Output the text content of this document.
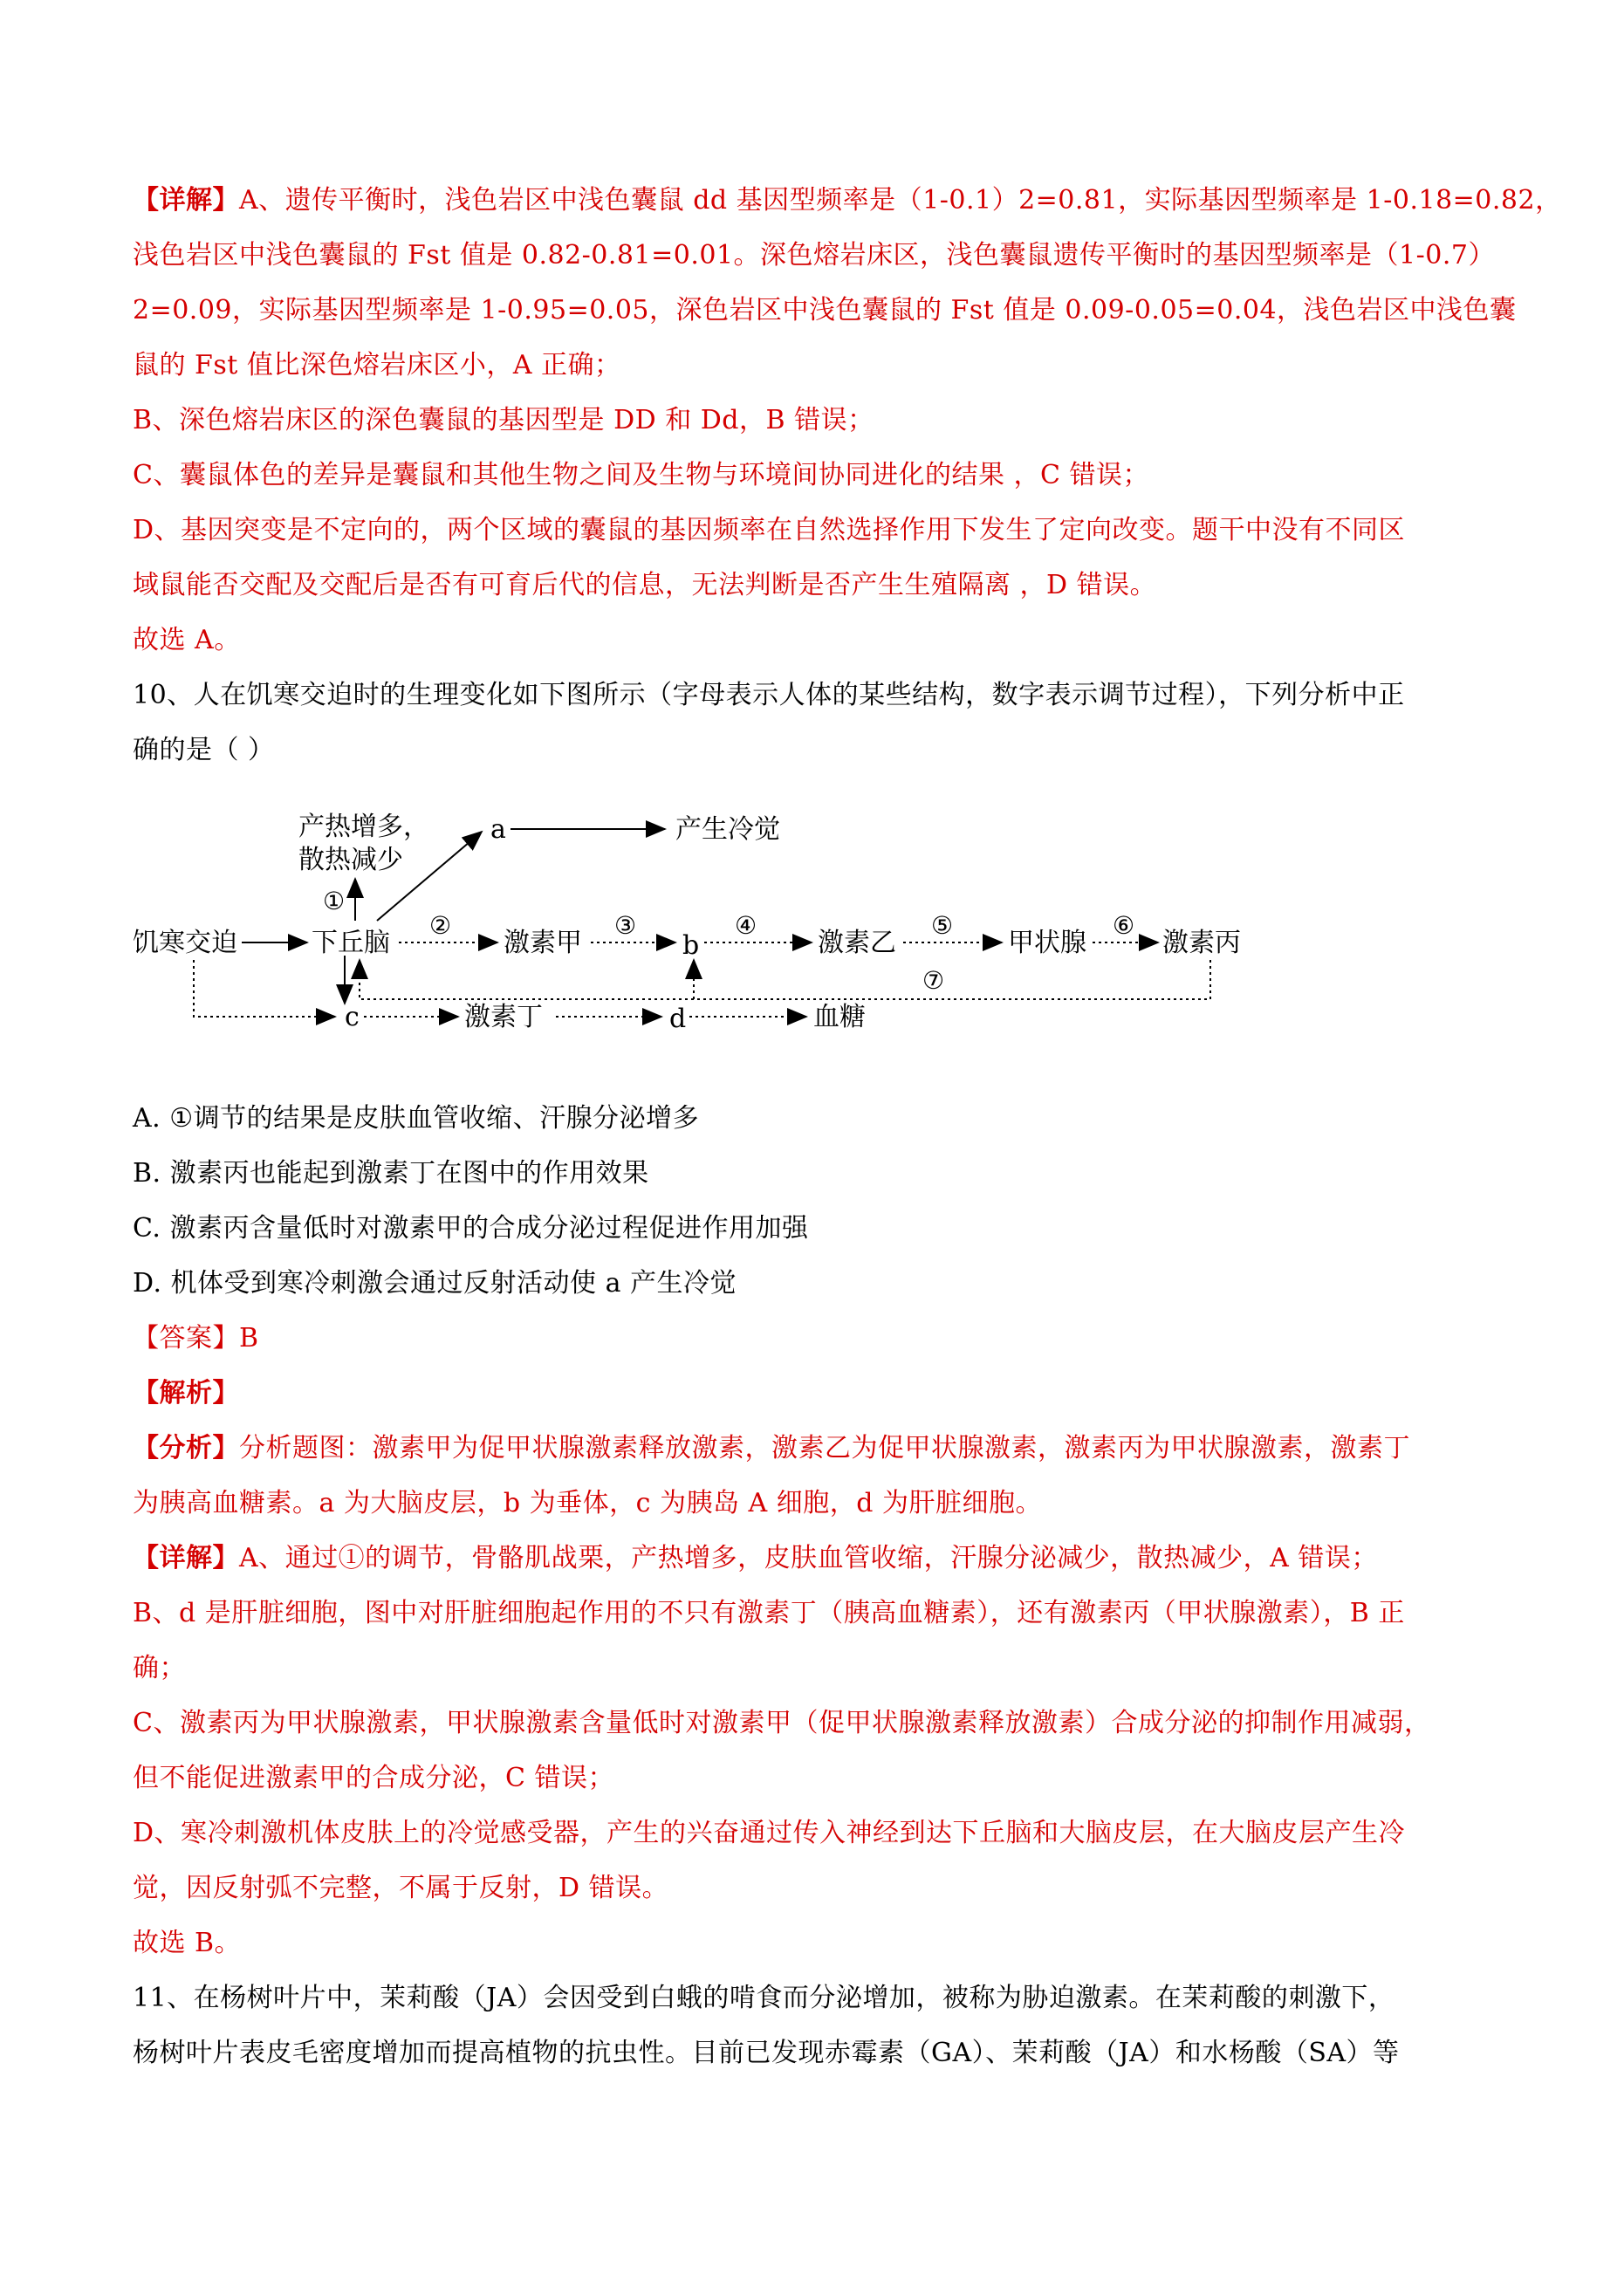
【详解】A、遗传平衡时，浅色岩区中浅色囊鼠 dd 基因型频率是（1-0.1）2=0.81，实际基因型频率是 1-0.18=0.82，
浅色岩区中浅色囊鼠的 Fst 值是 0.82-0.81=0.01。深色熔岩床区，浅色囊鼠遗传平衡时的基因型频率是（1-0.7）
2=0.09，实际基因型频率是 1-0.95=0.05，深色岩区中浅色囊鼠的 Fst 值是 0.09-0.05=0.04，浅色岩区中浅色囊
鼠的 Fst 值比深色熔岩床区小，A 正确；
B、深色熔岩床区的深色囊鼠的基因型是 DD 和 Dd，B 错误；
C、囊鼠体色的差异是囊鼠和其他生物之间及生物与环境间协同进化的结果 ，C 错误；
D、基因突变是不定向的，两个区域的囊鼠的基因频率在自然选择作用下发生了定向改变。题干中没有不同区
域鼠能否交配及交配后是否有可育后代的信息，无法判断是否产生生殖隔离 ，D 错误。
故选 A。
10、人在饥寒交迫时的生理变化如下图所示（字母表示人体的某些结构，数字表示调节过程），下列分析中正
确的是（ ）
产热增多，
散热减少
a	产生冷觉
①
饥寒交迫	下丘脑
②
激素甲
③
b
④
激素乙
⑤
甲状腺
⑥
激素丙
⑦
c	激素丁	d	血糖
A. ①调节的结果是皮肤血管收缩、汗腺分泌增多
B. 激素丙也能起到激素丁在图中的作用效果
C. 激素丙含量低时对激素甲的合成分泌过程促进作用加强
D. 机体受到寒冷刺激会通过反射活动使 a 产生冷觉
【答案】B
【解析】
【分析】分析题图：激素甲为促甲状腺激素释放激素，激素乙为促甲状腺激素，激素丙为甲状腺激素，激素丁
为胰高血糖素。a 为大脑皮层，b 为垂体，c 为胰岛 A 细胞，d 为肝脏细胞。
【详解】A、通过①的调节，骨骼肌战栗，产热增多，皮肤血管收缩，汗腺分泌减少，散热减少，A 错误；
B、d 是肝脏细胞，图中对肝脏细胞起作用的不只有激素丁（胰高血糖素），还有激素丙（甲状腺激素），B 正
确；
C、激素丙为甲状腺激素，甲状腺激素含量低时对激素甲（促甲状腺激素释放激素）合成分泌的抑制作用减弱，
但不能促进激素甲的合成分泌，C 错误；
D、寒冷刺激机体皮肤上的冷觉感受器，产生的兴奋通过传入神经到达下丘脑和大脑皮层，在大脑皮层产生冷
觉，因反射弧不完整，不属于反射，D 错误。
故选 B。
11、在杨树叶片中，茉莉酸（JA）会因受到白蛾的啃食而分泌增加，被称为胁迫激素。在茉莉酸的刺激下，
杨树叶片表皮毛密度增加而提高植物的抗虫性。目前已发现赤霉素（GA）、茉莉酸（JA）和水杨酸（SA）等
